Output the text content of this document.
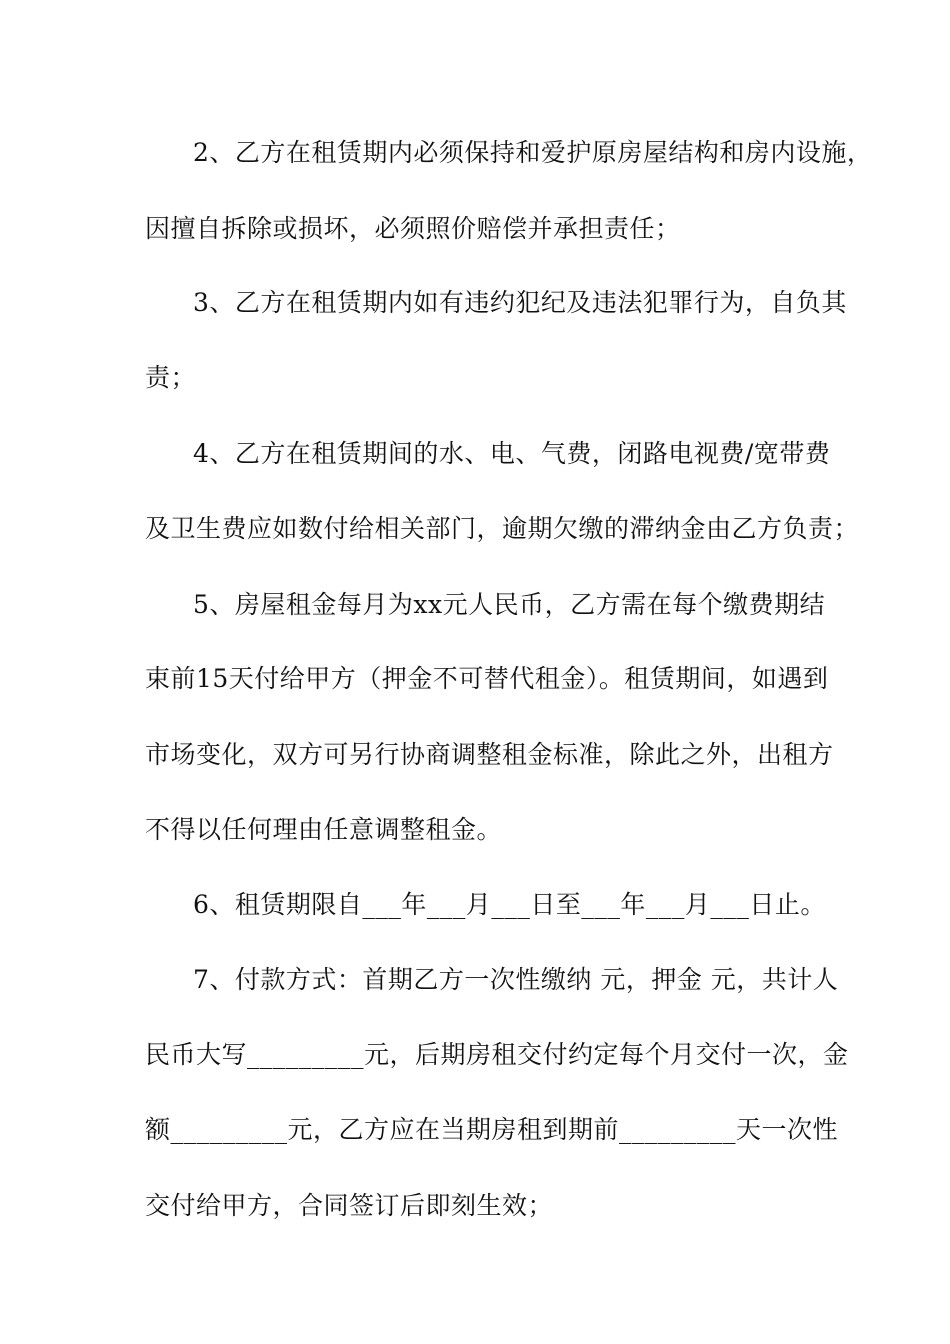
2、乙方在租赁期内必须保持和爱护原房屋结构和房内设施，
因擅自拆除或损坏，必须照价赔偿并承担责任；
3、乙方在租赁期内如有违约犯纪及违法犯罪行为，自负其
责；
4、乙方在租赁期间的水、电、气费，闭路电视费/宽带费
及卫生费应如数付给相关部门，逾期欠缴的滞纳金由乙方负责；
5、房屋租金每月为xx元人民币，乙方需在每个缴费期结
束前15天付给甲方（押金不可替代租金）。租赁期间，如遇到
市场变化，双方可另行协商调整租金标准，除此之外，出租方
不得以任何理由任意调整租金。
6、租赁期限自___年___月___日至___年___月___日止。
7、付款方式：首期乙方一次性缴纳 元，押金 元，共计人
民币大写_________元，后期房租交付约定每个月交付一次，金
额_________元，乙方应在当期房租到期前_________天一次性
交付给甲方，合同签订后即刻生效；
